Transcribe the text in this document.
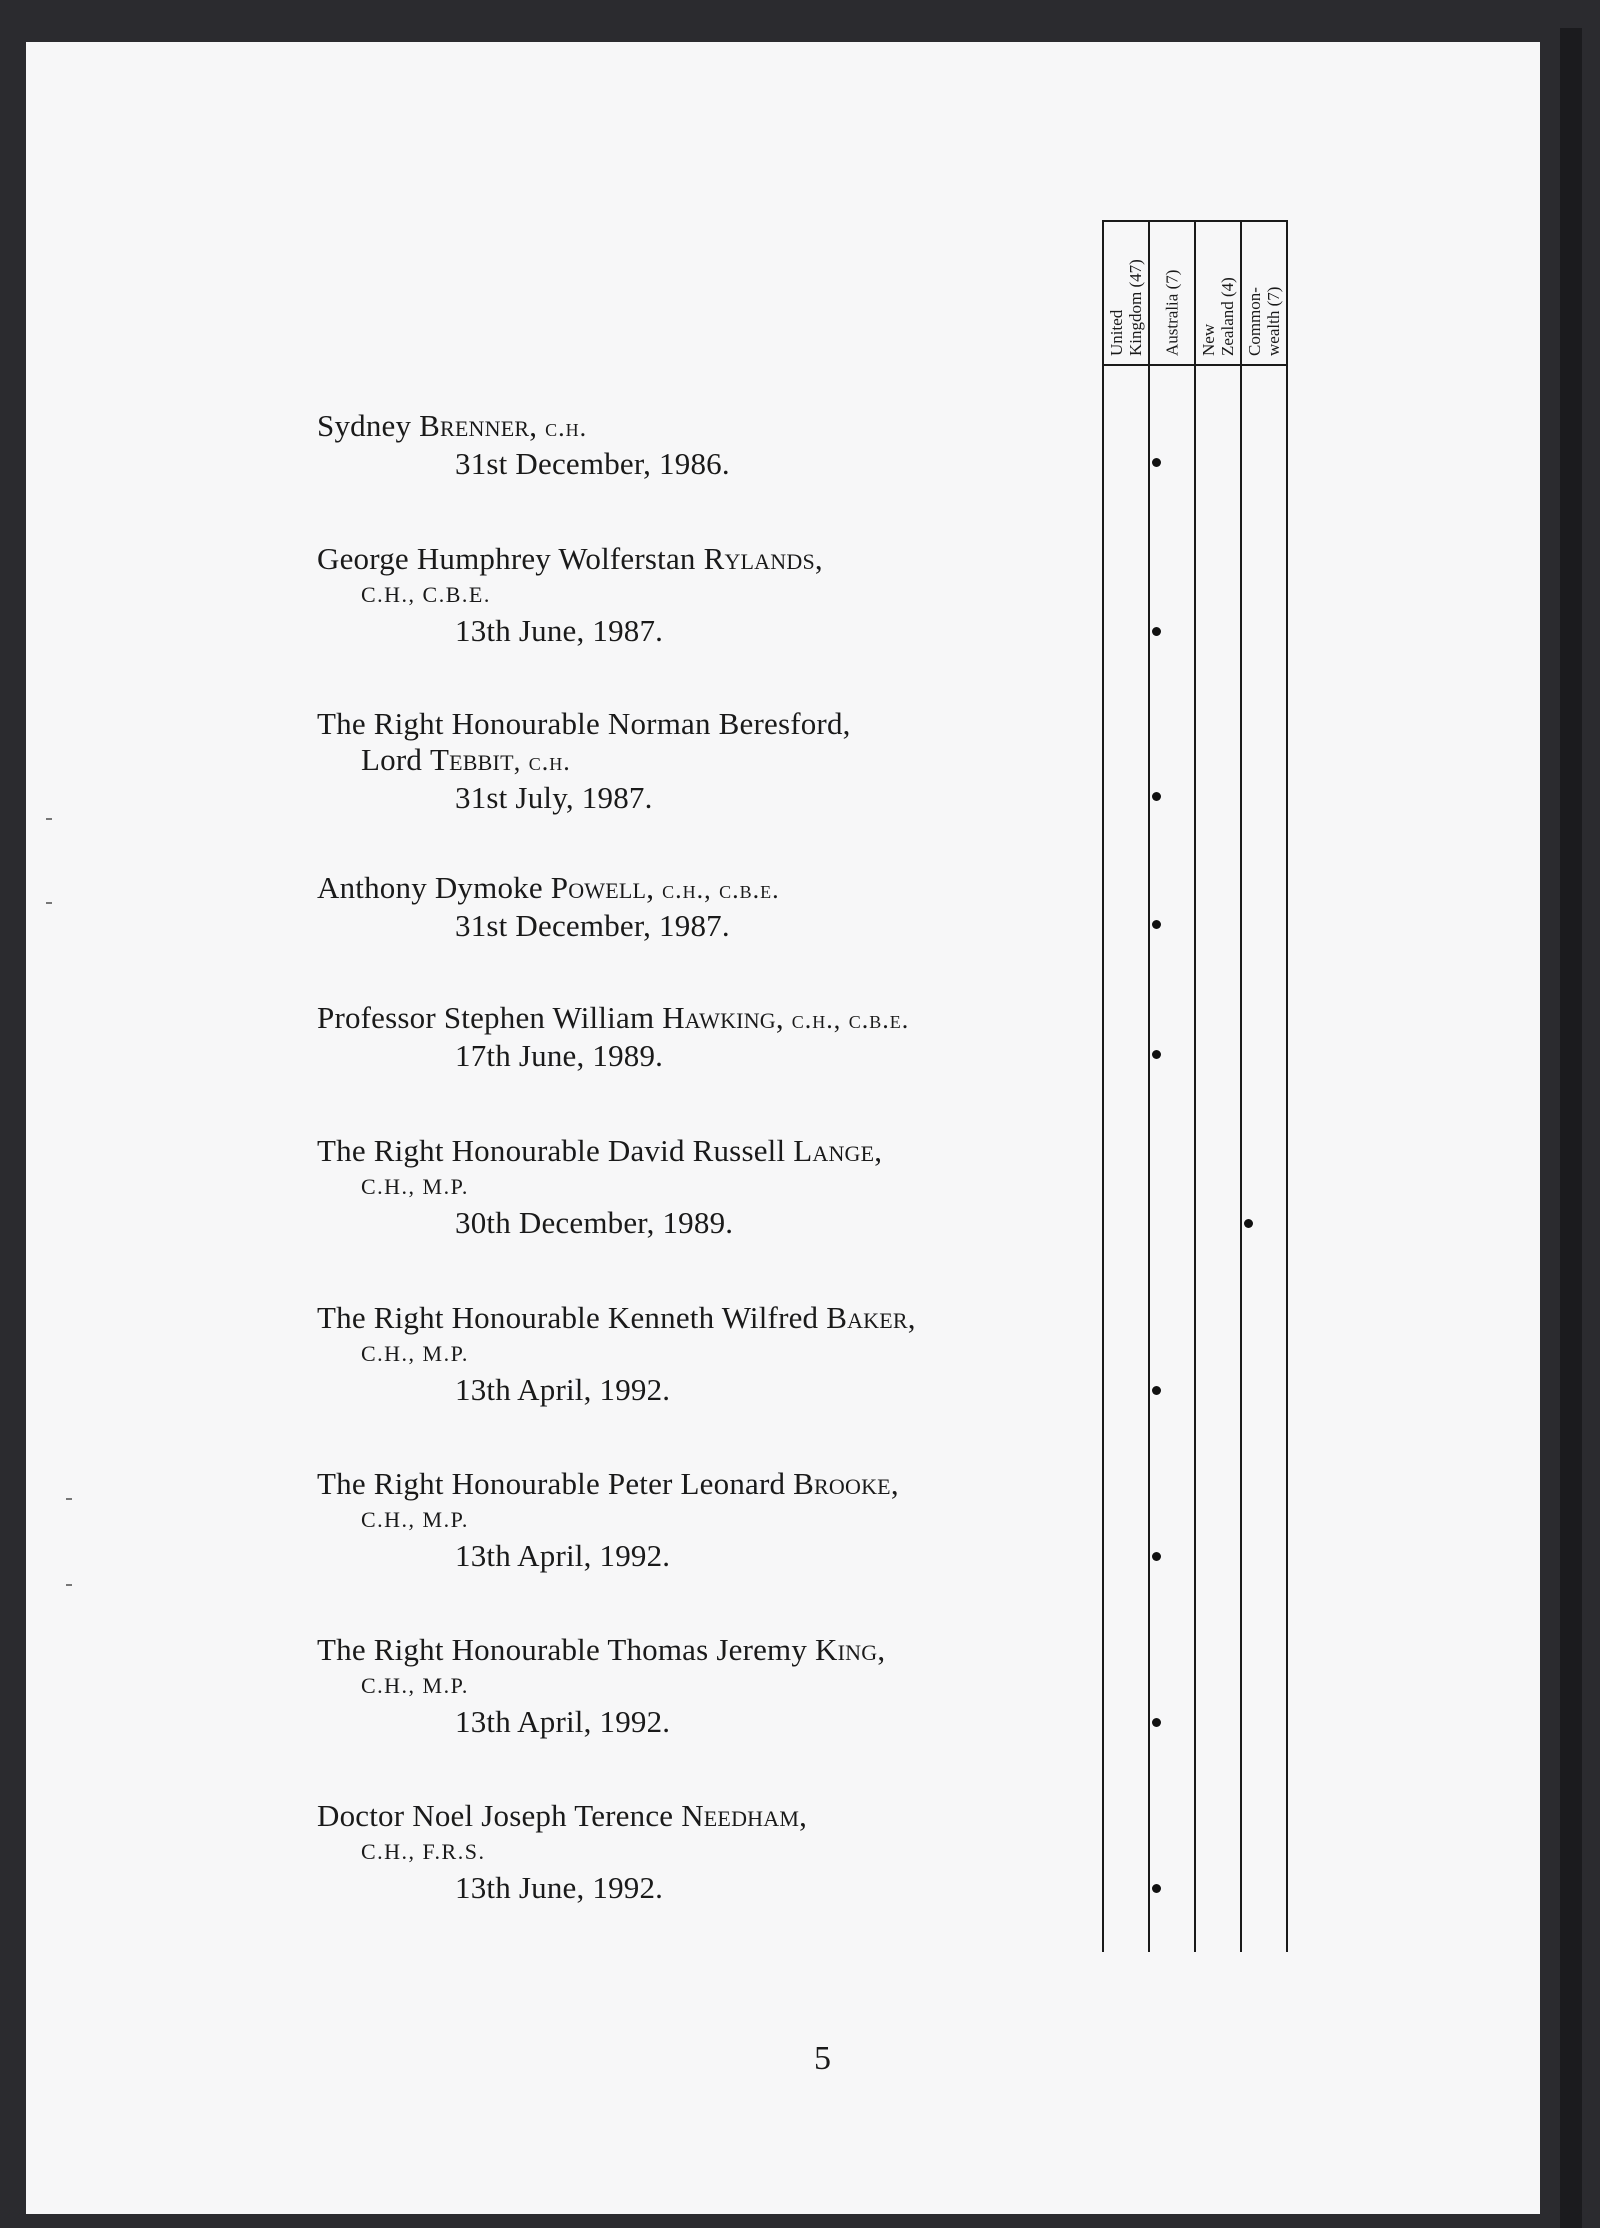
Sydney Brenner, c.h.
31st December, 1986.
George Humphrey Wolferstan Rylands,
C.H., C.B.E.
13th June, 1987.
The Right Honourable Norman Beresford,
Lord Tebbit, c.h.
31st July, 1987.
Anthony Dymoke Powell, c.h., c.b.e.
31st December, 1987.
Professor Stephen William Hawking, c.h., c.b.e.
17th June, 1989.
The Right Honourable David Russell Lange,
C.H., M.P.
30th December, 1989.
The Right Honourable Kenneth Wilfred Baker,
C.H., M.P.
13th April, 1992.
The Right Honourable Peter Leonard Brooke,
C.H., M.P.
13th April, 1992.
The Right Honourable Thomas Jeremy King,
C.H., M.P.
13th April, 1992.
Doctor Noel Joseph Terence Needham,
C.H., F.R.S.
13th June, 1992.
United Kingdom (47) Australia (7) New Zealand (4) Common- wealth (7)
5
